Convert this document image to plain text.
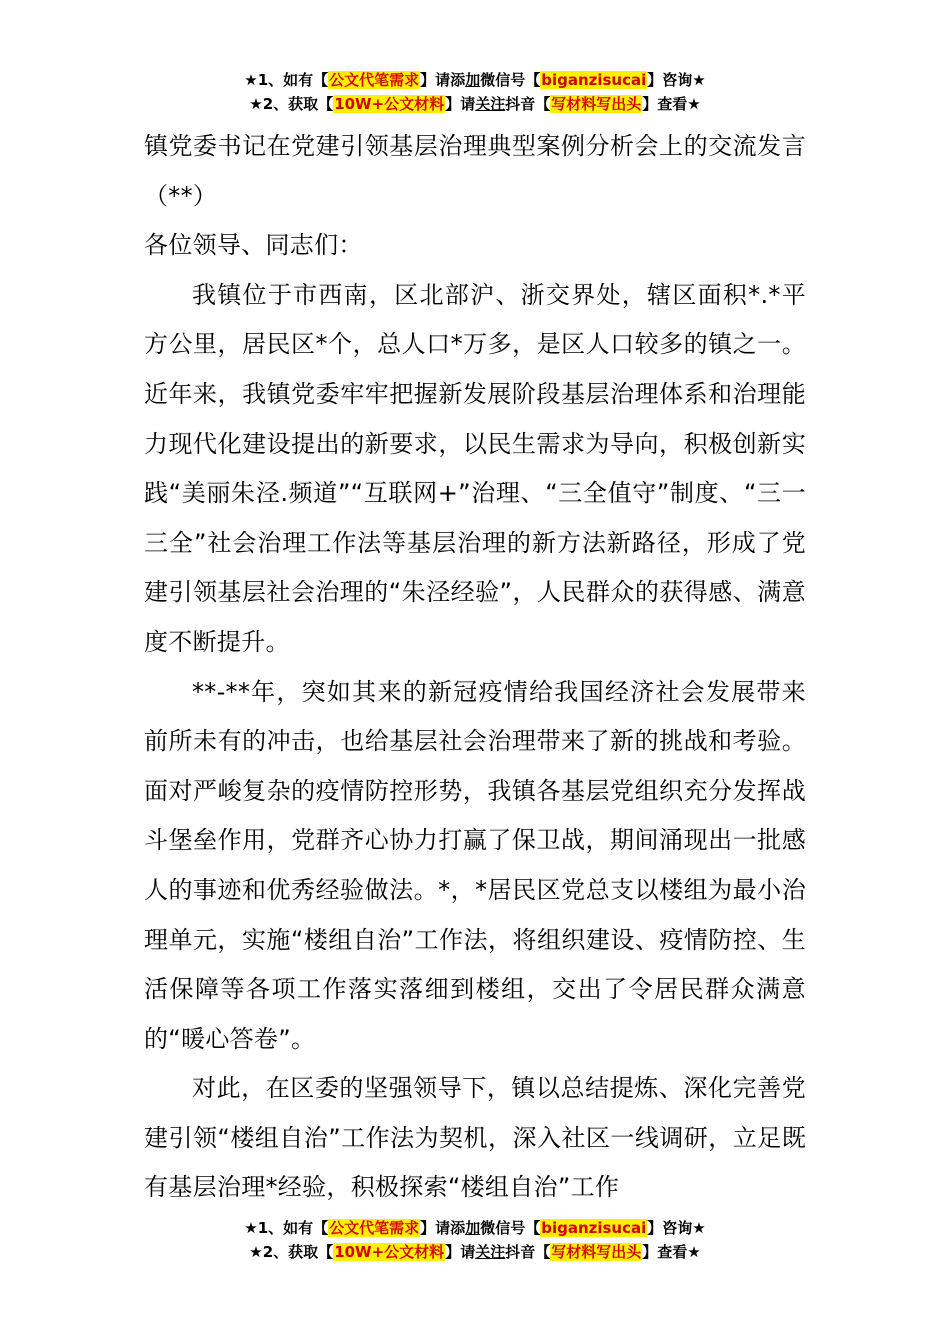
★1、如有【公文代笔需求】请添加微信号【biganzisucai】咨询★
★2、获取【10W+公文材料】请关注抖音【写材料写出头】查看★

镇党委书记在党建引领基层治理典型案例分析会上的交流发言（**）

各位领导、同志们：

我镇位于市西南，区北部沪、浙交界处，辖区面积*.*平方公里，居民区*个，总人口*万多，是区人口较多的镇之一。近年来，我镇党委牢牢把握新发展阶段基层治理体系和治理能力现代化建设提出的新要求，以民生需求为导向，积极创新实践“美丽朱泾.频道”“互联网+”治理、“三全值守”制度、“三一三全”社会治理工作法等基层治理的新方法新路径，形成了党建引领基层社会治理的“朱泾经验”，人民群众的获得感、满意度不断提升。

**-**年，突如其来的新冠疫情给我国经济社会发展带来前所未有的冲击，也给基层社会治理带来了新的挑战和考验。面对严峻复杂的疫情防控形势，我镇各基层党组织充分发挥战斗堡垒作用，党群齐心协力打赢了保卫战，期间涌现出一批感人的事迹和优秀经验做法。*，*居民区党总支以楼组为最小治理单元，实施“楼组自治”工作法，将组织建设、疫情防控、生活保障等各项工作落实落细到楼组，交出了令居民群众满意的“暖心答卷”。

对此，在区委的坚强领导下，镇以总结提炼、深化完善党建引领“楼组自治”工作法为契机，深入社区一线调研，立足既有基层治理*经验，积极探索“楼组自治”工作

★1、如有【公文代笔需求】请添加微信号【biganzisucai】咨询★
★2、获取【10W+公文材料】请关注抖音【写材料写出头】查看★
